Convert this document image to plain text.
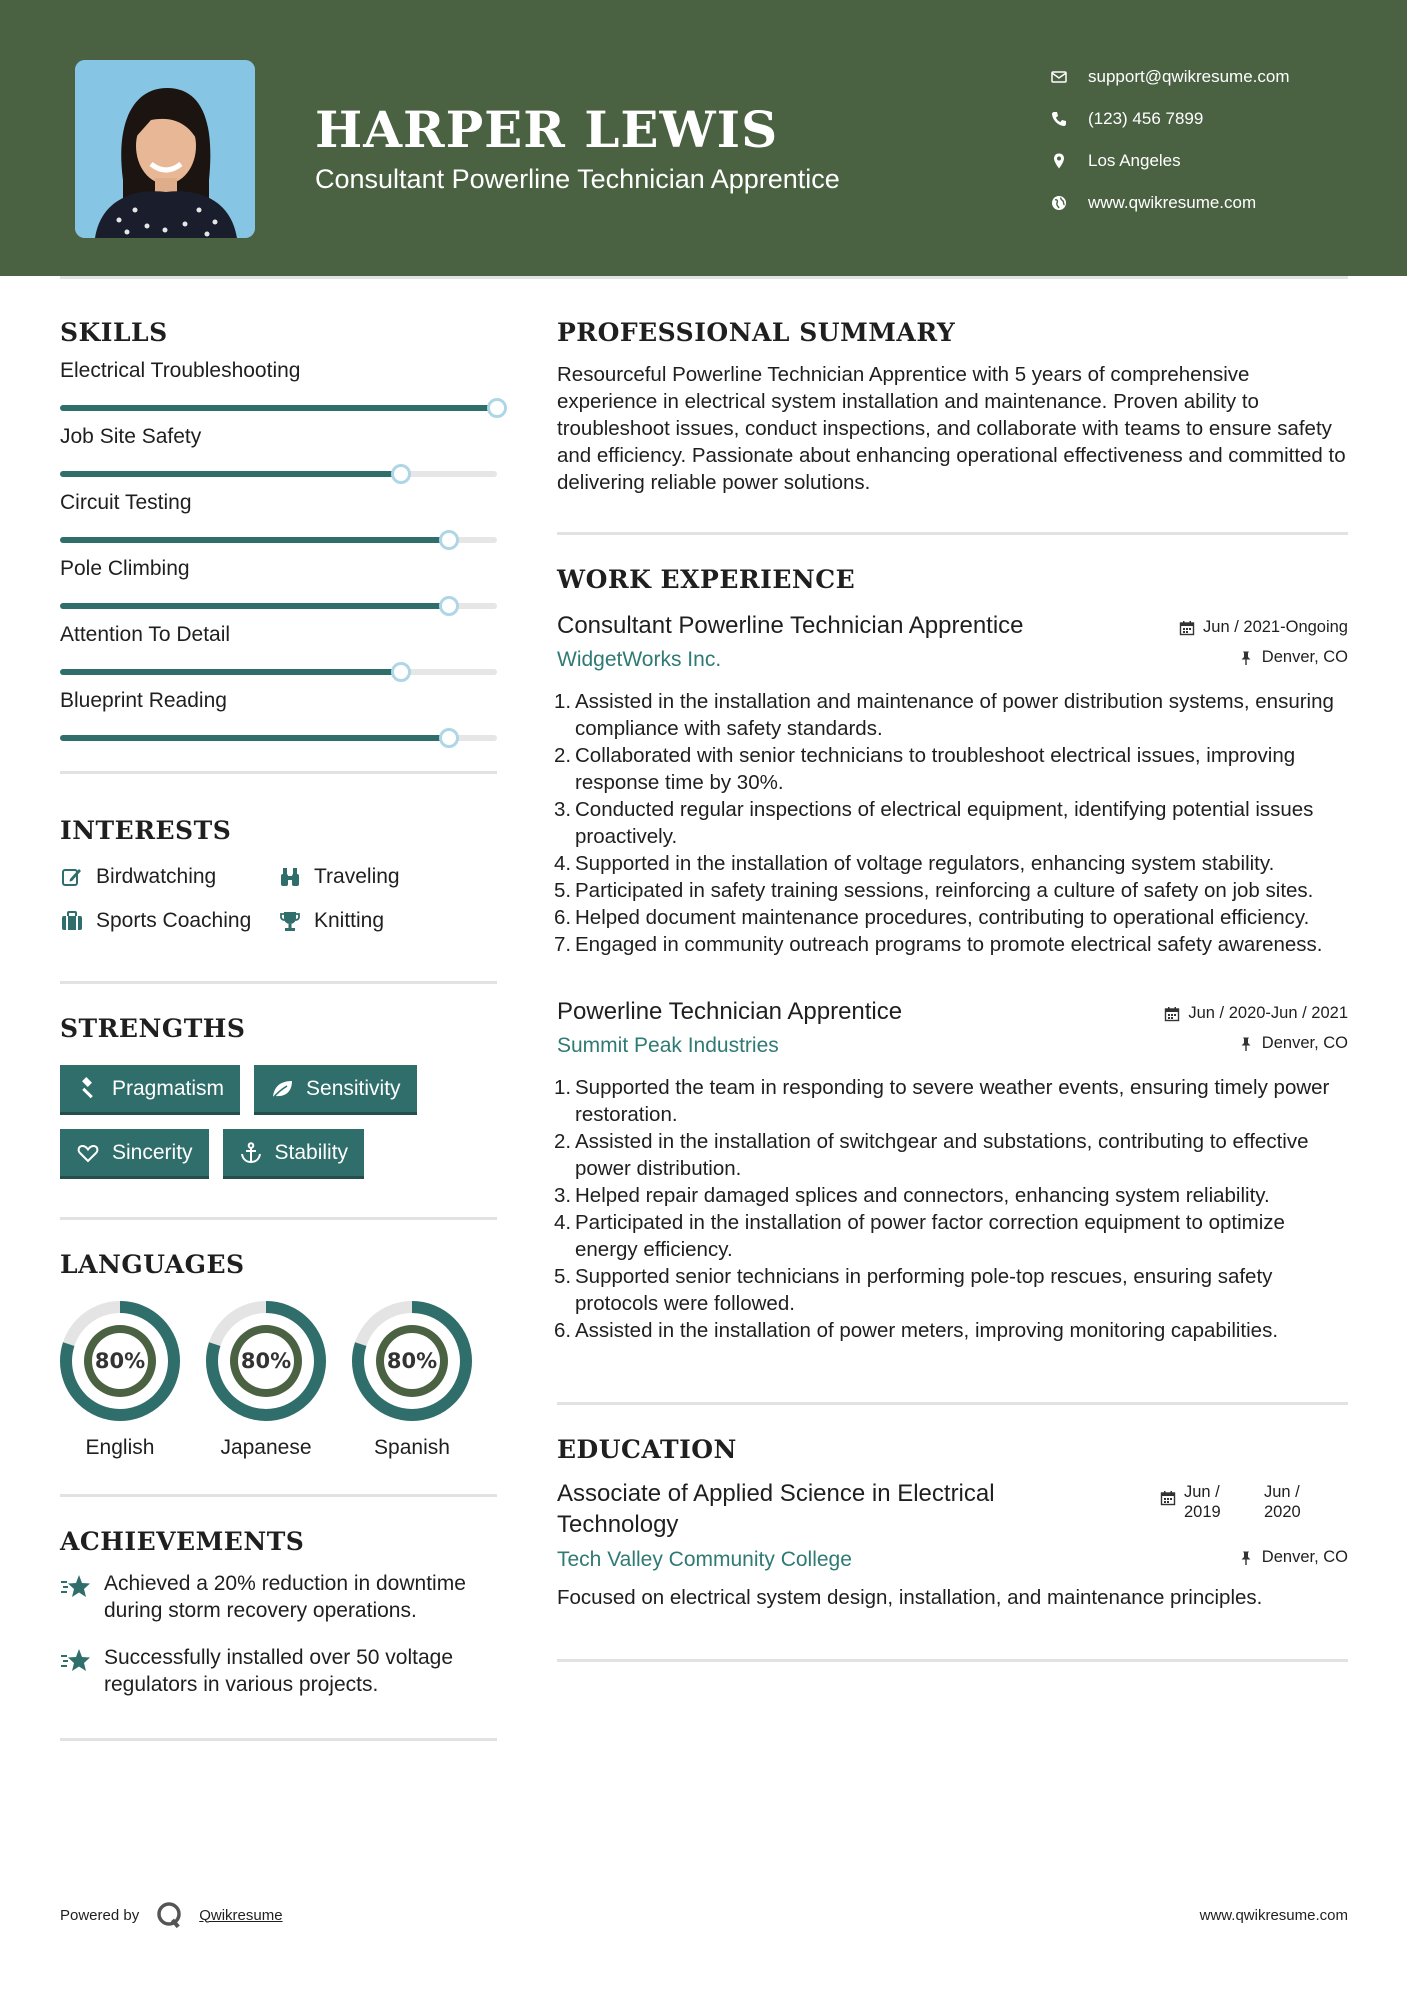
HARPER LEWIS
Consultant Powerline Technician Apprentice
support@qwikresume.com
(123) 456 7899
Los Angeles
www.qwikresume.com
SKILLS
Electrical Troubleshooting
Job Site Safety
Circuit Testing
Pole Climbing
Attention To Detail
Blueprint Reading
INTERESTS
Birdwatching	Traveling
Sports Coaching	Knitting
STRENGTHS
Pragmatism	Sensitivity
Sincerity	Stability
LANGUAGES
80%
English
80%
Japanese
80%
Spanish
ACHIEVEMENTS
Achieved a 20% reduction in downtime during storm recovery operations.
Successfully installed over 50 voltage regulators in various projects.
PROFESSIONAL SUMMARY
Resourceful Powerline Technician Apprentice with 5 years of comprehensive experience in electrical system installation and maintenance. Proven ability to troubleshoot issues, conduct inspections, and collaborate with teams to ensure safety and efficiency. Passionate about enhancing operational effectiveness and committed to delivering reliable power solutions.
WORK EXPERIENCE
Consultant Powerline Technician Apprentice	Jun / 2021-Ongoing
WidgetWorks Inc.	Denver, CO
1. Assisted in the installation and maintenance of power distribution systems, ensuring compliance with safety standards.
2. Collaborated with senior technicians to troubleshoot electrical issues, improving response time by 30%.
3. Conducted regular inspections of electrical equipment, identifying potential issues proactively.
4. Supported in the installation of voltage regulators, enhancing system stability.
5. Participated in safety training sessions, reinforcing a culture of safety on job sites.
6. Helped document maintenance procedures, contributing to operational efficiency.
7. Engaged in community outreach programs to promote electrical safety awareness.
Powerline Technician Apprentice	Jun / 2020-Jun / 2021
Summit Peak Industries	Denver, CO
1. Supported the team in responding to severe weather events, ensuring timely power restoration.
2. Assisted in the installation of switchgear and substations, contributing to effective power distribution.
3. Helped repair damaged splices and connectors, enhancing system reliability.
4. Participated in the installation of power factor correction equipment to optimize energy efficiency.
5. Supported senior technicians in performing pole-top rescues, ensuring safety protocols were followed.
6. Assisted in the installation of power meters, improving monitoring capabilities.
EDUCATION
Associate of Applied Science in Electrical Technology
Jun / 2019
Jun / 2020
Tech Valley Community College	Denver, CO
Focused on electrical system design, installation, and maintenance principles.
Powered by	Qwikresume	www.qwikresume.com
